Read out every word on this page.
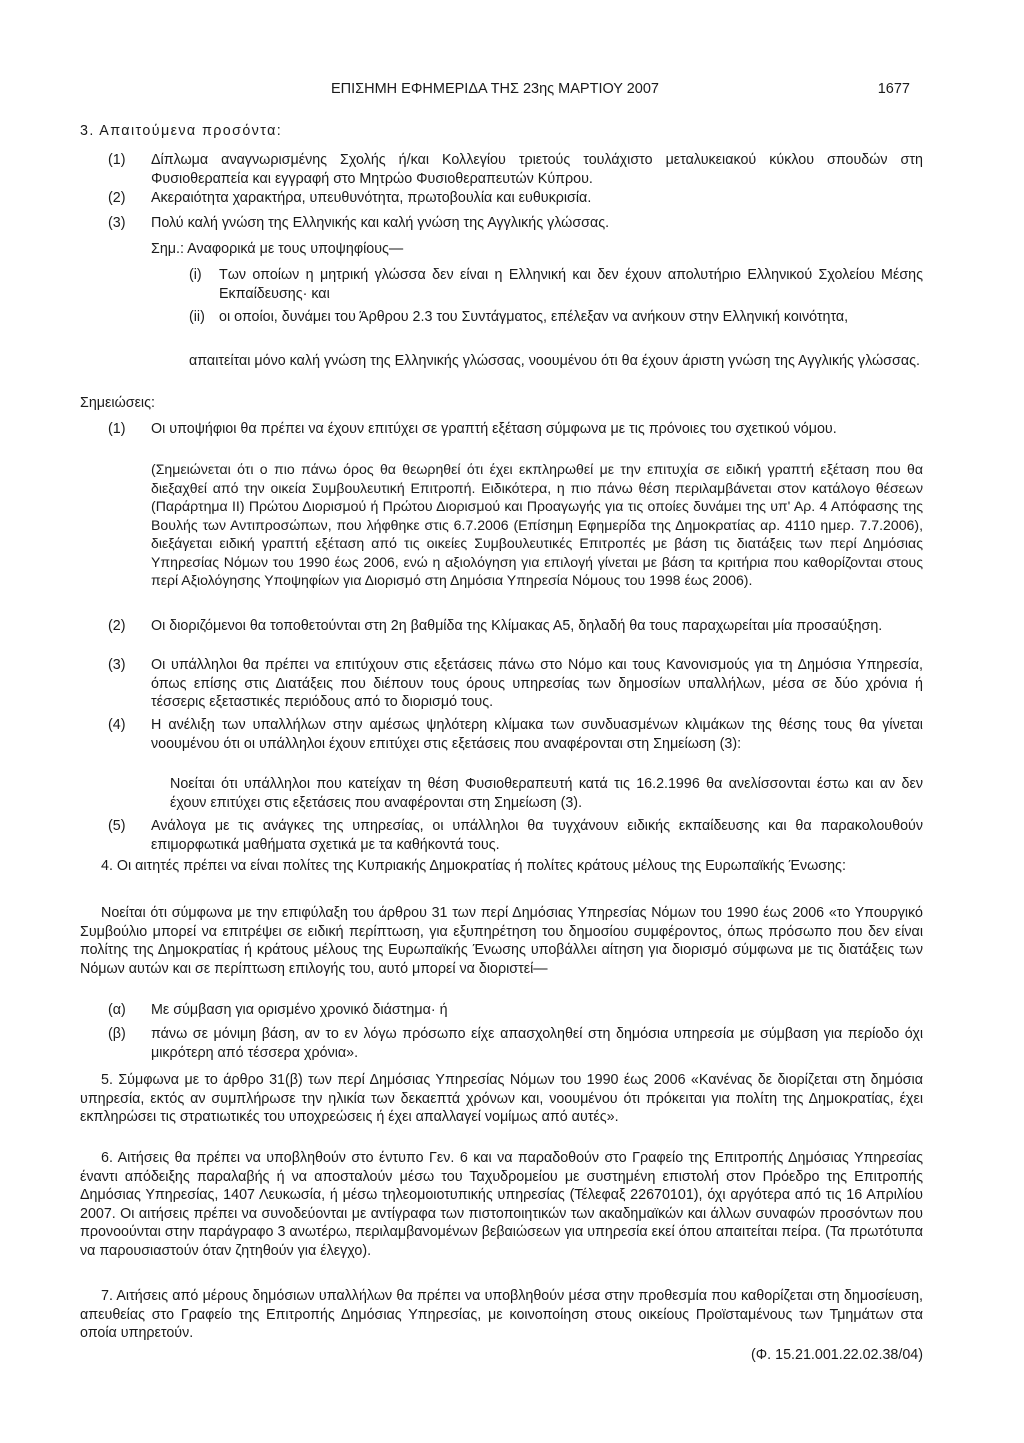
ΕΠΙΣΗΜΗ ΕΦΗΜΕΡΙΔΑ ΤΗΣ 23ης ΜΑΡΤΙΟΥ 2007	1677
3. Απαιτούμενα προσόντα:
(1) Δίπλωμα αναγνωρισμένης Σχολής ή/και Κολλεγίου τριετούς τουλάχιστο μεταλυκειακού κύκλου σπουδών στη Φυσιοθεραπεία και εγγραφή στο Μητρώο Φυσιοθεραπευτών Κύπρου.
(2) Ακεραιότητα χαρακτήρα, υπευθυνότητα, πρωτοβουλία και ευθυκρισία.
(3) Πολύ καλή γνώση της Ελληνικής και καλή γνώση της Αγγλικής γλώσσας.
Σημ.: Αναφορικά με τους υποψηφίους—
(i) Των οποίων η μητρική γλώσσα δεν είναι η Ελληνική και δεν έχουν απολυτήριο Ελληνικού Σχολείου Μέσης Εκπαίδευσης· και
(ii) οι οποίοι, δυνάμει του Άρθρου 2.3 του Συντάγματος, επέλεξαν να ανήκουν στην Ελληνική κοινότητα,
απαιτείται μόνο καλή γνώση της Ελληνικής γλώσσας, νοουμένου ότι θα έχουν άριστη γνώση της Αγγλικής γλώσσας.
Σημειώσεις:
(1) Οι υποψήφιοι θα πρέπει να έχουν επιτύχει σε γραπτή εξέταση σύμφωνα με τις πρόνοιες του σχετικού νόμου.
(Σημειώνεται ότι ο πιο πάνω όρος θα θεωρηθεί ότι έχει εκπληρωθεί με την επιτυχία σε ειδική γραπτή εξέταση που θα διεξαχθεί από την οικεία Συμβουλευτική Επιτροπή. Ειδικότερα, η πιο πάνω θέση περιλαμβάνεται στον κατάλογο θέσεων (Παράρτημα ΙΙ) Πρώτου Διορισμού ή Πρώτου Διορισμού και Προαγωγής για τις οποίες δυνάμει της υπ' Αρ. 4 Απόφασης της Βουλής των Αντιπροσώπων, που λήφθηκε στις 6.7.2006 (Επίσημη Εφημερίδα της Δημοκρατίας αρ. 4110 ημερ. 7.7.2006), διεξάγεται ειδική γραπτή εξέταση από τις οικείες Συμβουλευτικές Επιτροπές με βάση τις διατάξεις των περί Δημόσιας Υπηρεσίας Νόμων του 1990 έως 2006, ενώ η αξιολόγηση για επιλογή γίνεται με βάση τα κριτήρια που καθορίζονται στους περί Αξιολόγησης Υποψηφίων για Διορισμό στη Δημόσια Υπηρεσία Νόμους του 1998 έως 2006).
(2) Οι διοριζόμενοι θα τοποθετούνται στη 2η βαθμίδα της Κλίμακας Α5, δηλαδή θα τους παραχωρείται μία προσαύξηση.
(3) Οι υπάλληλοι θα πρέπει να επιτύχουν στις εξετάσεις πάνω στο Νόμο και τους Κανονισμούς για τη Δημόσια Υπηρεσία, όπως επίσης στις Διατάξεις που διέπουν τους όρους υπηρεσίας των δημοσίων υπαλλήλων, μέσα σε δύο χρόνια ή τέσσερις εξεταστικές περιόδους από το διορισμό τους.
(4) Η ανέλιξη των υπαλλήλων στην αμέσως ψηλότερη κλίμακα των συνδυασμένων κλιμάκων της θέσης τους θα γίνεται νοουμένου ότι οι υπάλληλοι έχουν επιτύχει στις εξετάσεις που αναφέρονται στη Σημείωση (3):
Νοείται ότι υπάλληλοι που κατείχαν τη θέση Φυσιοθεραπευτή κατά τις 16.2.1996 θα ανελίσσονται έστω και αν δεν έχουν επιτύχει στις εξετάσεις που αναφέρονται στη Σημείωση (3).
(5) Ανάλογα με τις ανάγκες της υπηρεσίας, οι υπάλληλοι θα τυγχάνουν ειδικής εκπαίδευσης και θα παρακολουθούν επιμορφωτικά μαθήματα σχετικά με τα καθήκοντά τους.
4. Οι αιτητές πρέπει να είναι πολίτες της Κυπριακής Δημοκρατίας ή πολίτες κράτους μέλους της Ευρωπαϊκής Ένωσης:
Νοείται ότι σύμφωνα με την επιφύλαξη του άρθρου 31 των περί Δημόσιας Υπηρεσίας Νόμων του 1990 έως 2006 «το Υπουργικό Συμβούλιο μπορεί να επιτρέψει σε ειδική περίπτωση, για εξυπηρέτηση του δημοσίου συμφέροντος, όπως πρόσωπο που δεν είναι πολίτης της Δημοκρατίας ή κράτους μέλους της Ευρωπαϊκής Ένωσης υποβάλλει αίτηση για διορισμό σύμφωνα με τις διατάξεις των Νόμων αυτών και σε περίπτωση επιλογής του, αυτό μπορεί να διοριστεί—
(α) Με σύμβαση για ορισμένο χρονικό διάστημα· ή
(β) πάνω σε μόνιμη βάση, αν το εν λόγω πρόσωπο είχε απασχοληθεί στη δημόσια υπηρεσία με σύμβαση για περίοδο όχι μικρότερη από τέσσερα χρόνια».
5. Σύμφωνα με το άρθρο 31(β) των περί Δημόσιας Υπηρεσίας Νόμων του 1990 έως 2006 «Κανένας δε διορίζεται στη δημόσια υπηρεσία, εκτός αν συμπλήρωσε την ηλικία των δεκαεπτά χρόνων και, νοουμένου ότι πρόκειται για πολίτη της Δημοκρατίας, έχει εκπληρώσει τις στρατιωτικές του υποχρεώσεις ή έχει απαλλαγεί νομίμως από αυτές».
6. Αιτήσεις θα πρέπει να υποβληθούν στο έντυπο Γεν. 6 και να παραδοθούν στο Γραφείο της Επιτροπής Δημόσιας Υπηρεσίας έναντι απόδειξης παραλαβής ή να αποσταλούν μέσω του Ταχυδρομείου με συστημένη επιστολή στον Πρόεδρο της Επιτροπής Δημόσιας Υπηρεσίας, 1407 Λευκωσία, ή μέσω τηλεομοιοτυπικής υπηρεσίας (Τέλεφαξ 22670101), όχι αργότερα από τις 16 Απριλίου 2007. Οι αιτήσεις πρέπει να συνοδεύονται με αντίγραφα των πιστοποιητικών των ακαδημαϊκών και άλλων συναφών προσόντων που προνοούνται στην παράγραφο 3 ανωτέρω, περιλαμβανομένων βεβαιώσεων για υπηρεσία εκεί όπου απαιτείται πείρα. (Τα πρωτότυπα να παρουσιαστούν όταν ζητηθούν για έλεγχο).
7. Αιτήσεις από μέρους δημόσιων υπαλλήλων θα πρέπει να υποβληθούν μέσα στην προθεσμία που καθορίζεται στη δημοσίευση, απευθείας στο Γραφείο της Επιτροπής Δημόσιας Υπηρεσίας, με κοινοποίηση στους οικείους Προϊσταμένους των Τμημάτων στα οποία υπηρετούν.
(Φ. 15.21.001.22.02.38/04)
